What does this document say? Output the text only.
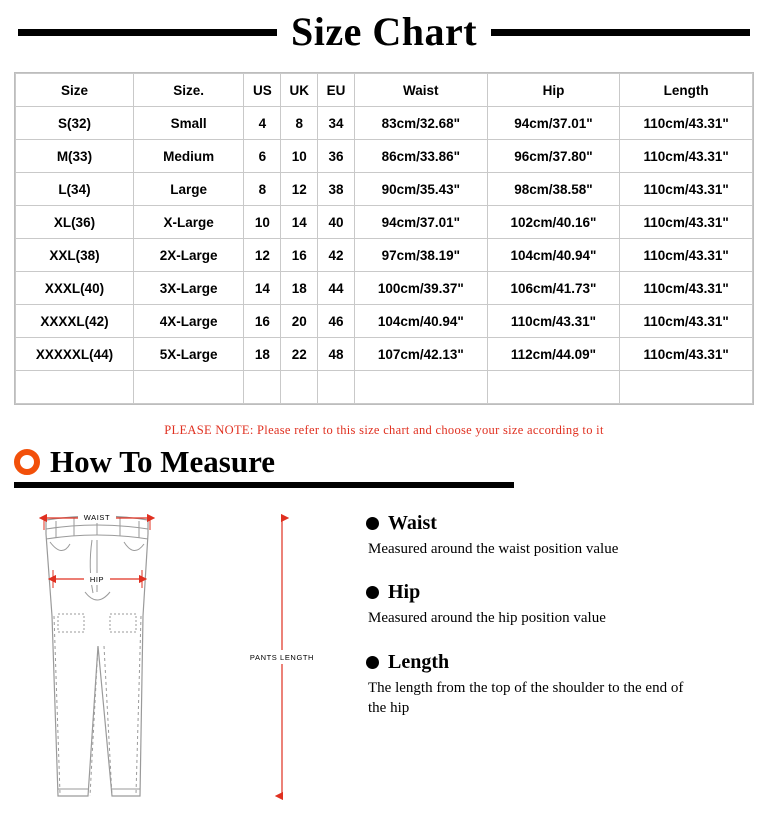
Size Chart
Size	Size.	US	UK	EU	Waist	Hip	Length
S(32)	Small	4	8	34	83cm/32.68"	94cm/37.01"	110cm/43.31"
M(33)	Medium	6	10	36	86cm/33.86"	96cm/37.80"	110cm/43.31"
L(34)	Large	8	12	38	90cm/35.43"	98cm/38.58"	110cm/43.31"
XL(36)	X-Large	10	14	40	94cm/37.01"	102cm/40.16"	110cm/43.31"
XXL(38)	2X-Large	12	16	42	97cm/38.19"	104cm/40.94"	110cm/43.31"
XXXL(40)	3X-Large	14	18	44	100cm/39.37"	106cm/41.73"	110cm/43.31"
XXXXL(42)	4X-Large	16	20	46	104cm/40.94"	110cm/43.31"	110cm/43.31"
XXXXXL(44)	5X-Large	18	22	48	107cm/42.13"	112cm/44.09"	110cm/43.31"

PLEASE NOTE: Please refer to this size chart and choose your size according to it
How To Measure
WAIST
HIP
PANTS LENGTH
Waist
Measured around the waist position value
Hip
Measured around the hip position value
Length
The length from the top of the shoulder to the end of the hip
